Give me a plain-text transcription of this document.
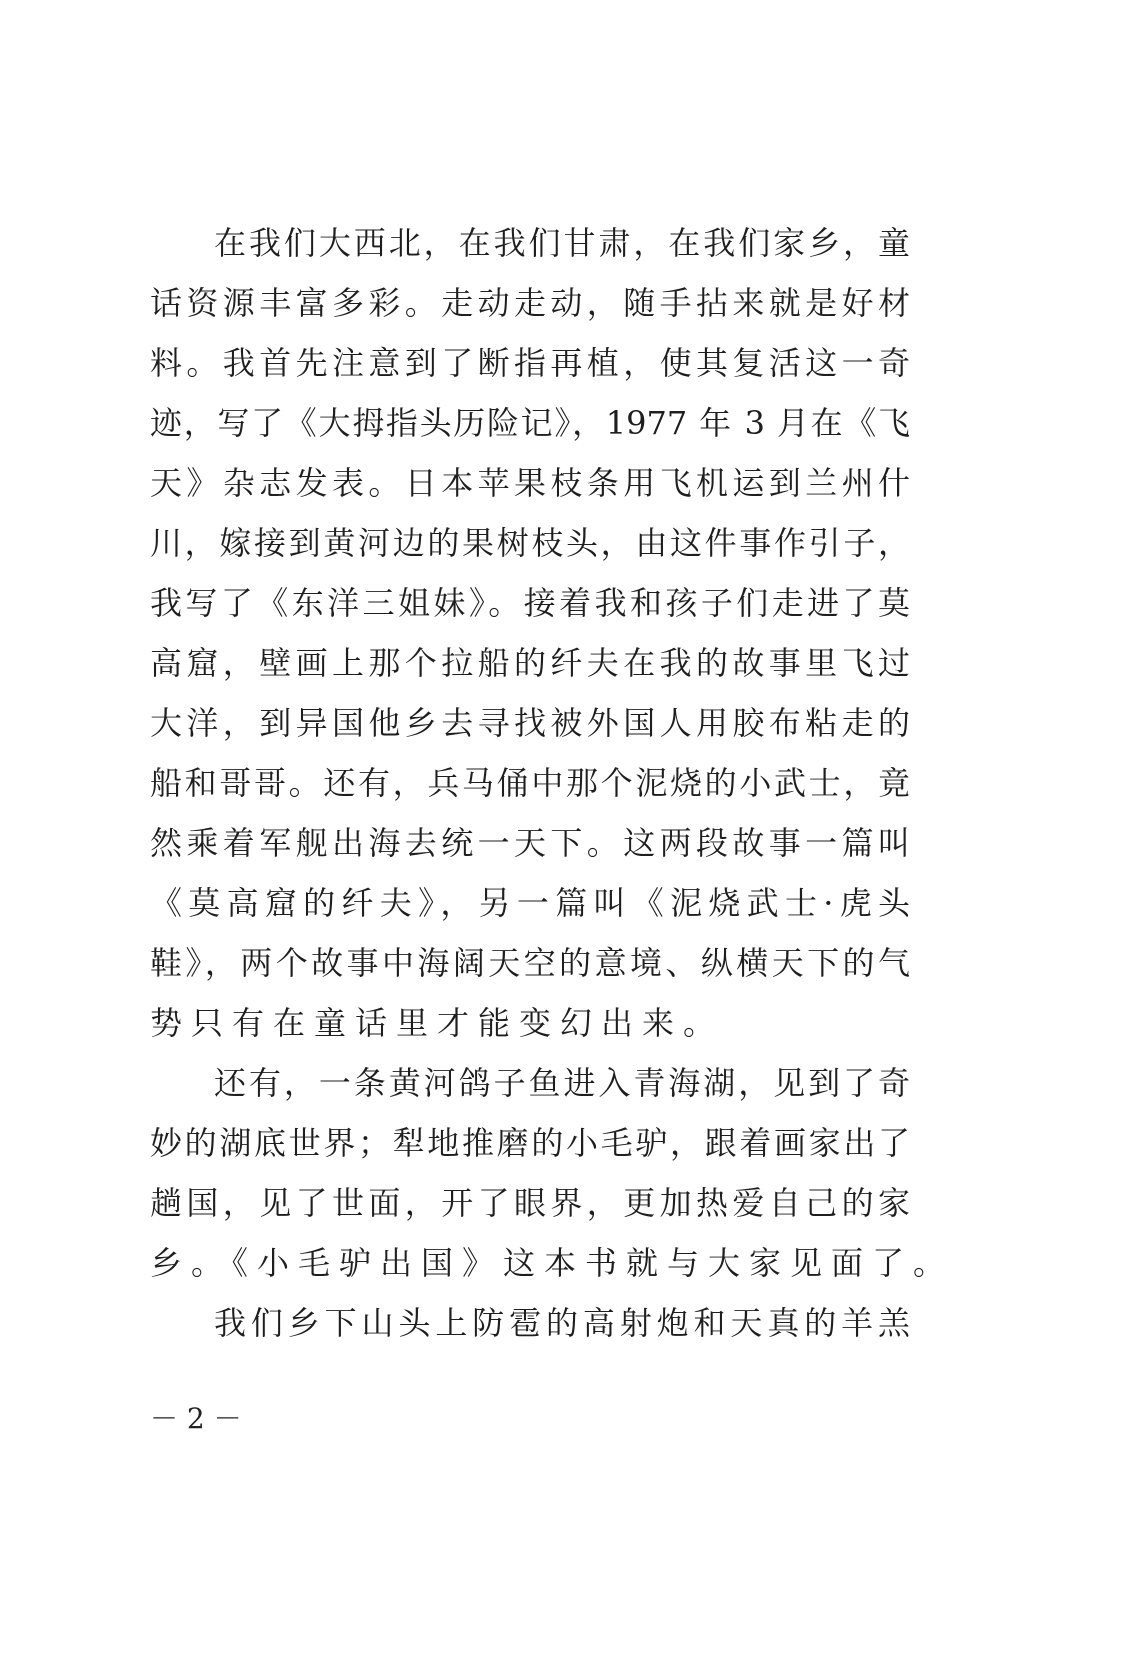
在我们大西北，在我们甘肃，在我们家乡，童
话资源丰富多彩。走动走动，随手拈来就是好材
料。我首先注意到了断指再植，使其复活这一奇
迹，写了《大拇指头历险记》，1977 年 3 月在《飞
天》杂志发表。日本苹果枝条用飞机运到兰州什
川，嫁接到黄河边的果树枝头，由这件事作引子，
我写了《东洋三姐妹》。接着我和孩子们走进了莫
高窟，壁画上那个拉船的纤夫在我的故事里飞过
大洋，到异国他乡去寻找被外国人用胶布粘走的
船和哥哥。还有，兵马俑中那个泥烧的小武士，竟
然乘着军舰出海去统一天下。这两段故事一篇叫
《莫高窟的纤夫》，另一篇叫《泥烧武士·虎头
鞋》，两个故事中海阔天空的意境、纵横天下的气
势只有在童话里才能变幻出来。
还有，一条黄河鸽子鱼进入青海湖，见到了奇
妙的湖底世界；犁地推磨的小毛驴，跟着画家出了
趟国，见了世面，开了眼界，更加热爱自己的家
乡。《小毛驴出国》这本书就与大家见面了。
我们乡下山头上防雹的高射炮和天真的羊羔
－ 2 －
